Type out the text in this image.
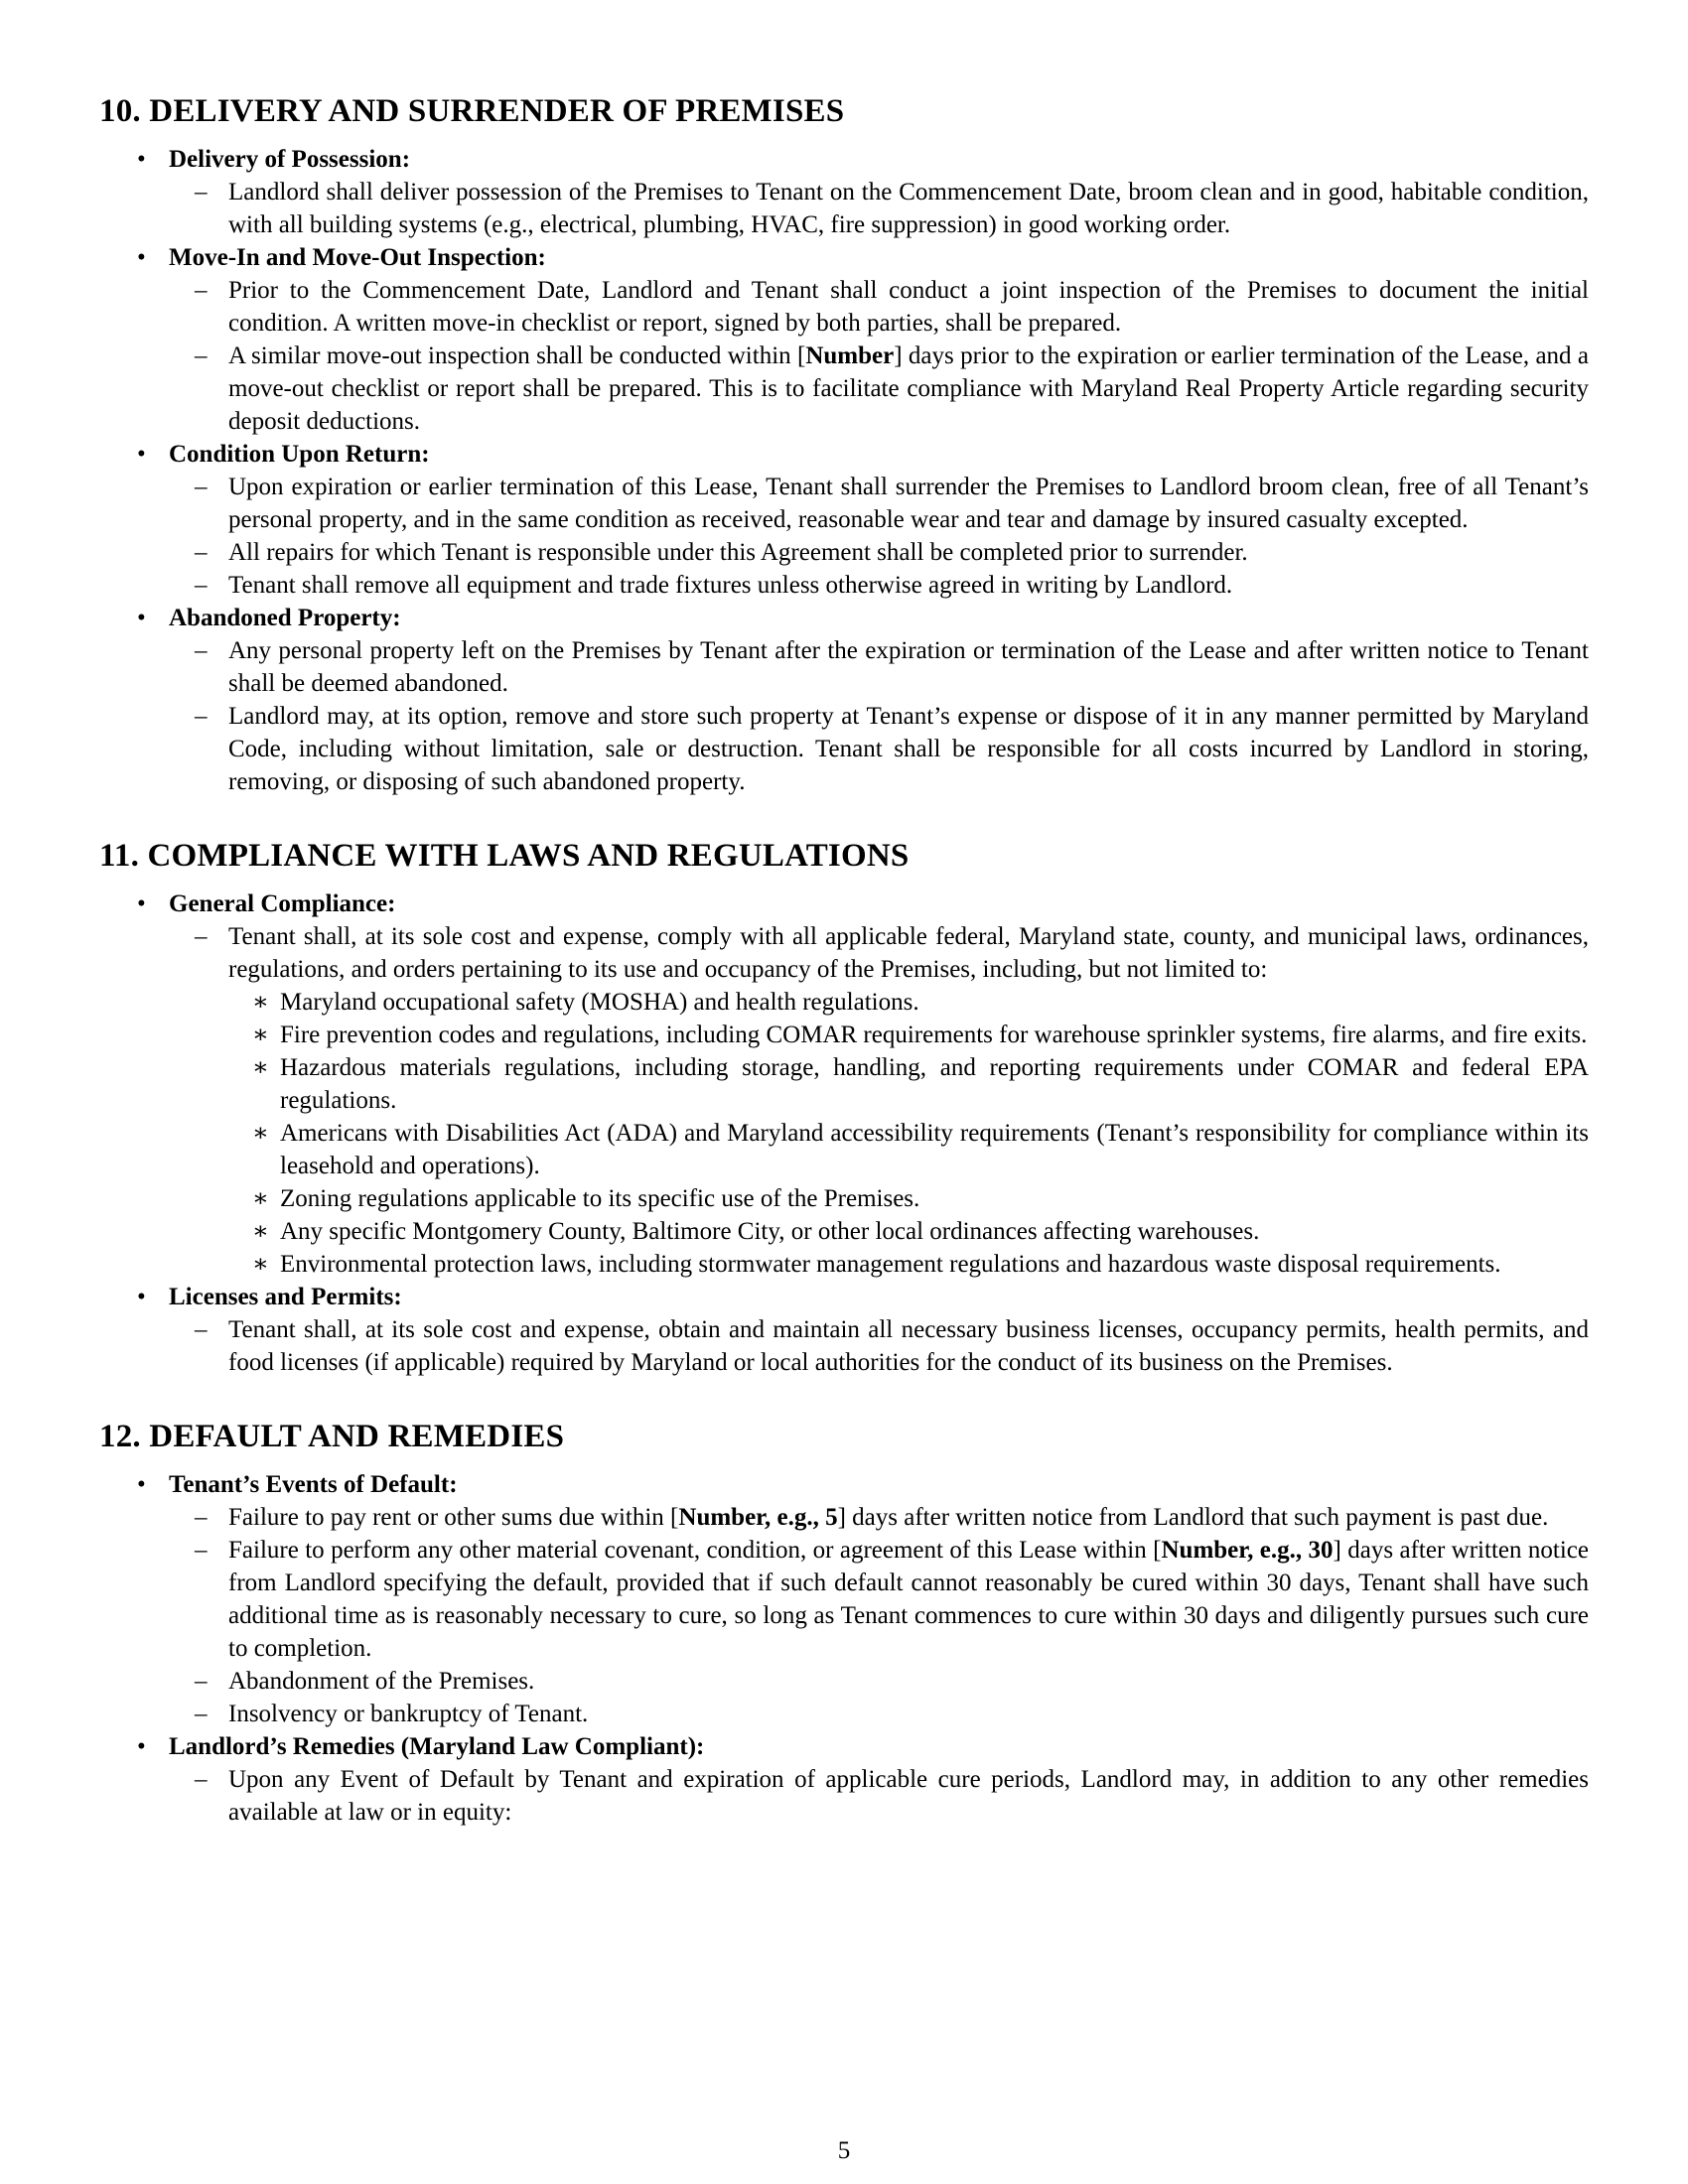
10. DELIVERY AND SURRENDER OF PREMISES
• Delivery of Possession:
– Landlord shall deliver possession of the Premises to Tenant on the Commencement Date, broom clean and in good, habitable condition, with all building systems (e.g., electrical, plumbing, HVAC, fire suppression) in good working order.
• Move-In and Move-Out Inspection:
– Prior to the Commencement Date, Landlord and Tenant shall conduct a joint inspection of the Premises to document the initial condition. A written move-in checklist or report, signed by both parties, shall be prepared.
– A similar move-out inspection shall be conducted within [Number] days prior to the expiration or earlier termination of the Lease, and a move-out checklist or report shall be prepared. This is to facilitate compliance with Maryland Real Property Article regarding security deposit deductions.
• Condition Upon Return:
– Upon expiration or earlier termination of this Lease, Tenant shall surrender the Premises to Landlord broom clean, free of all Tenant’s personal property, and in the same condition as received, reasonable wear and tear and damage by insured casualty excepted.
– All repairs for which Tenant is responsible under this Agreement shall be completed prior to surrender.
– Tenant shall remove all equipment and trade fixtures unless otherwise agreed in writing by Landlord.
• Abandoned Property:
– Any personal property left on the Premises by Tenant after the expiration or termination of the Lease and after written notice to Tenant shall be deemed abandoned.
– Landlord may, at its option, remove and store such property at Tenant’s expense or dispose of it in any manner permitted by Maryland Code, including without limitation, sale or destruction. Tenant shall be responsible for all costs incurred by Landlord in storing, removing, or disposing of such abandoned property.
11. COMPLIANCE WITH LAWS AND REGULATIONS
• General Compliance:
– Tenant shall, at its sole cost and expense, comply with all applicable federal, Maryland state, county, and municipal laws, ordinances, regulations, and orders pertaining to its use and occupancy of the Premises, including, but not limited to:
∗ Maryland occupational safety (MOSHA) and health regulations.
∗ Fire prevention codes and regulations, including COMAR requirements for warehouse sprinkler systems, fire alarms, and fire exits.
∗ Hazardous materials regulations, including storage, handling, and reporting requirements under COMAR and federal EPA regulations.
∗ Americans with Disabilities Act (ADA) and Maryland accessibility requirements (Tenant’s responsibility for compliance within its leasehold and operations).
∗ Zoning regulations applicable to its specific use of the Premises.
∗ Any specific Montgomery County, Baltimore City, or other local ordinances affecting warehouses.
∗ Environmental protection laws, including stormwater management regulations and hazardous waste disposal requirements.
• Licenses and Permits:
– Tenant shall, at its sole cost and expense, obtain and maintain all necessary business licenses, occupancy permits, health permits, and food licenses (if applicable) required by Maryland or local authorities for the conduct of its business on the Premises.
12. DEFAULT AND REMEDIES
• Tenant’s Events of Default:
– Failure to pay rent or other sums due within [Number, e.g., 5] days after written notice from Landlord that such payment is past due.
– Failure to perform any other material covenant, condition, or agreement of this Lease within [Number, e.g., 30] days after written notice from Landlord specifying the default, provided that if such default cannot reasonably be cured within 30 days, Tenant shall have such additional time as is reasonably necessary to cure, so long as Tenant commences to cure within 30 days and diligently pursues such cure to completion.
– Abandonment of the Premises.
– Insolvency or bankruptcy of Tenant.
• Landlord’s Remedies (Maryland Law Compliant):
– Upon any Event of Default by Tenant and expiration of applicable cure periods, Landlord may, in addition to any other remedies available at law or in equity:
5
